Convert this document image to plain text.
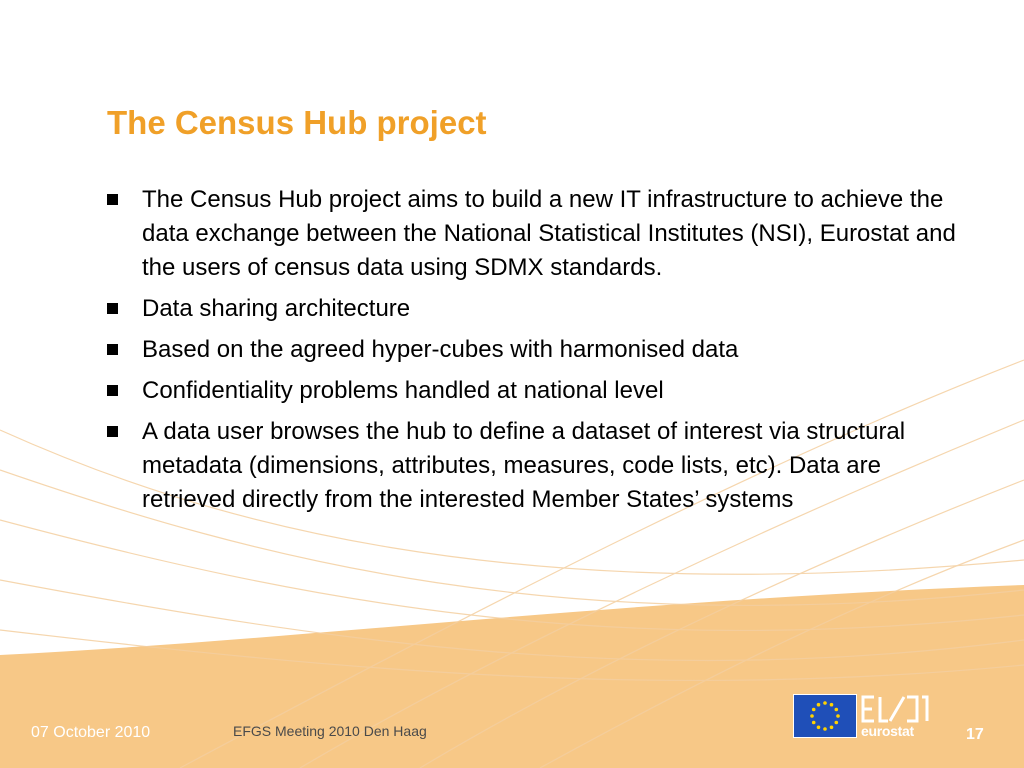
The Census Hub project
The Census Hub project aims to build a new IT infrastructure to achieve the data exchange between the National Statistical Institutes (NSI), Eurostat and the users of census data using SDMX standards.
Data sharing architecture
Based on the agreed hyper-cubes with harmonised data
Confidentiality problems handled at national level
A data user browses the hub to define a dataset of interest via structural metadata (dimensions, attributes, measures, code lists, etc). Data are retrieved directly from the interested Member States’ systems
eurostat
07 October 2010	EFGS Meeting 2010 Den Haag	17
